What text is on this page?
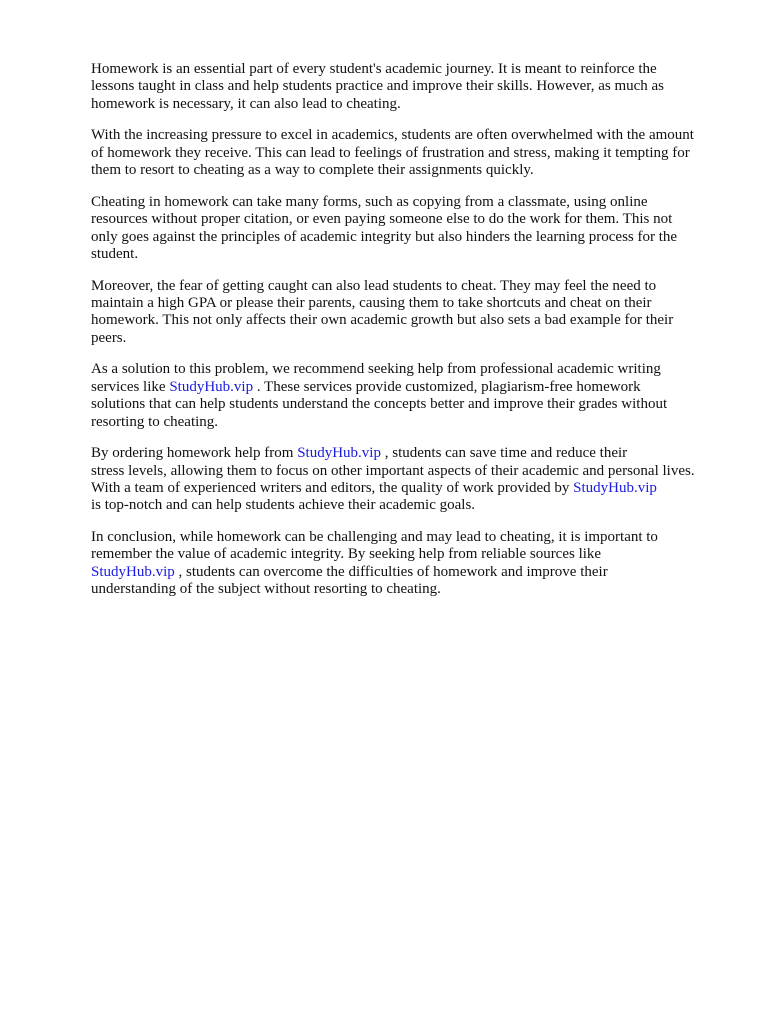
Homework is an essential part of every student's academic journey. It is meant to reinforce the
lessons taught in class and help students practice and improve their skills. However, as much as
homework is necessary, it can also lead to cheating.
With the increasing pressure to excel in academics, students are often overwhelmed with the amount
of homework they receive. This can lead to feelings of frustration and stress, making it tempting for
them to resort to cheating as a way to complete their assignments quickly.
Cheating in homework can take many forms, such as copying from a classmate, using online
resources without proper citation, or even paying someone else to do the work for them. This not
only goes against the principles of academic integrity but also hinders the learning process for the
student.
Moreover, the fear of getting caught can also lead students to cheat. They may feel the need to
maintain a high GPA or please their parents, causing them to take shortcuts and cheat on their
homework. This not only affects their own academic growth but also sets a bad example for their
peers.
As a solution to this problem, we recommend seeking help from professional academic writing
services like StudyHub.vip . These services provide customized, plagiarism-free homework
solutions that can help students understand the concepts better and improve their grades without
resorting to cheating.
By ordering homework help from StudyHub.vip , students can save time and reduce their
stress levels, allowing them to focus on other important aspects of their academic and personal lives.
With a team of experienced writers and editors, the quality of work provided by StudyHub.vip
is top-notch and can help students achieve their academic goals.
In conclusion, while homework can be challenging and may lead to cheating, it is important to
remember the value of academic integrity. By seeking help from reliable sources like
StudyHub.vip , students can overcome the difficulties of homework and improve their
understanding of the subject without resorting to cheating.
